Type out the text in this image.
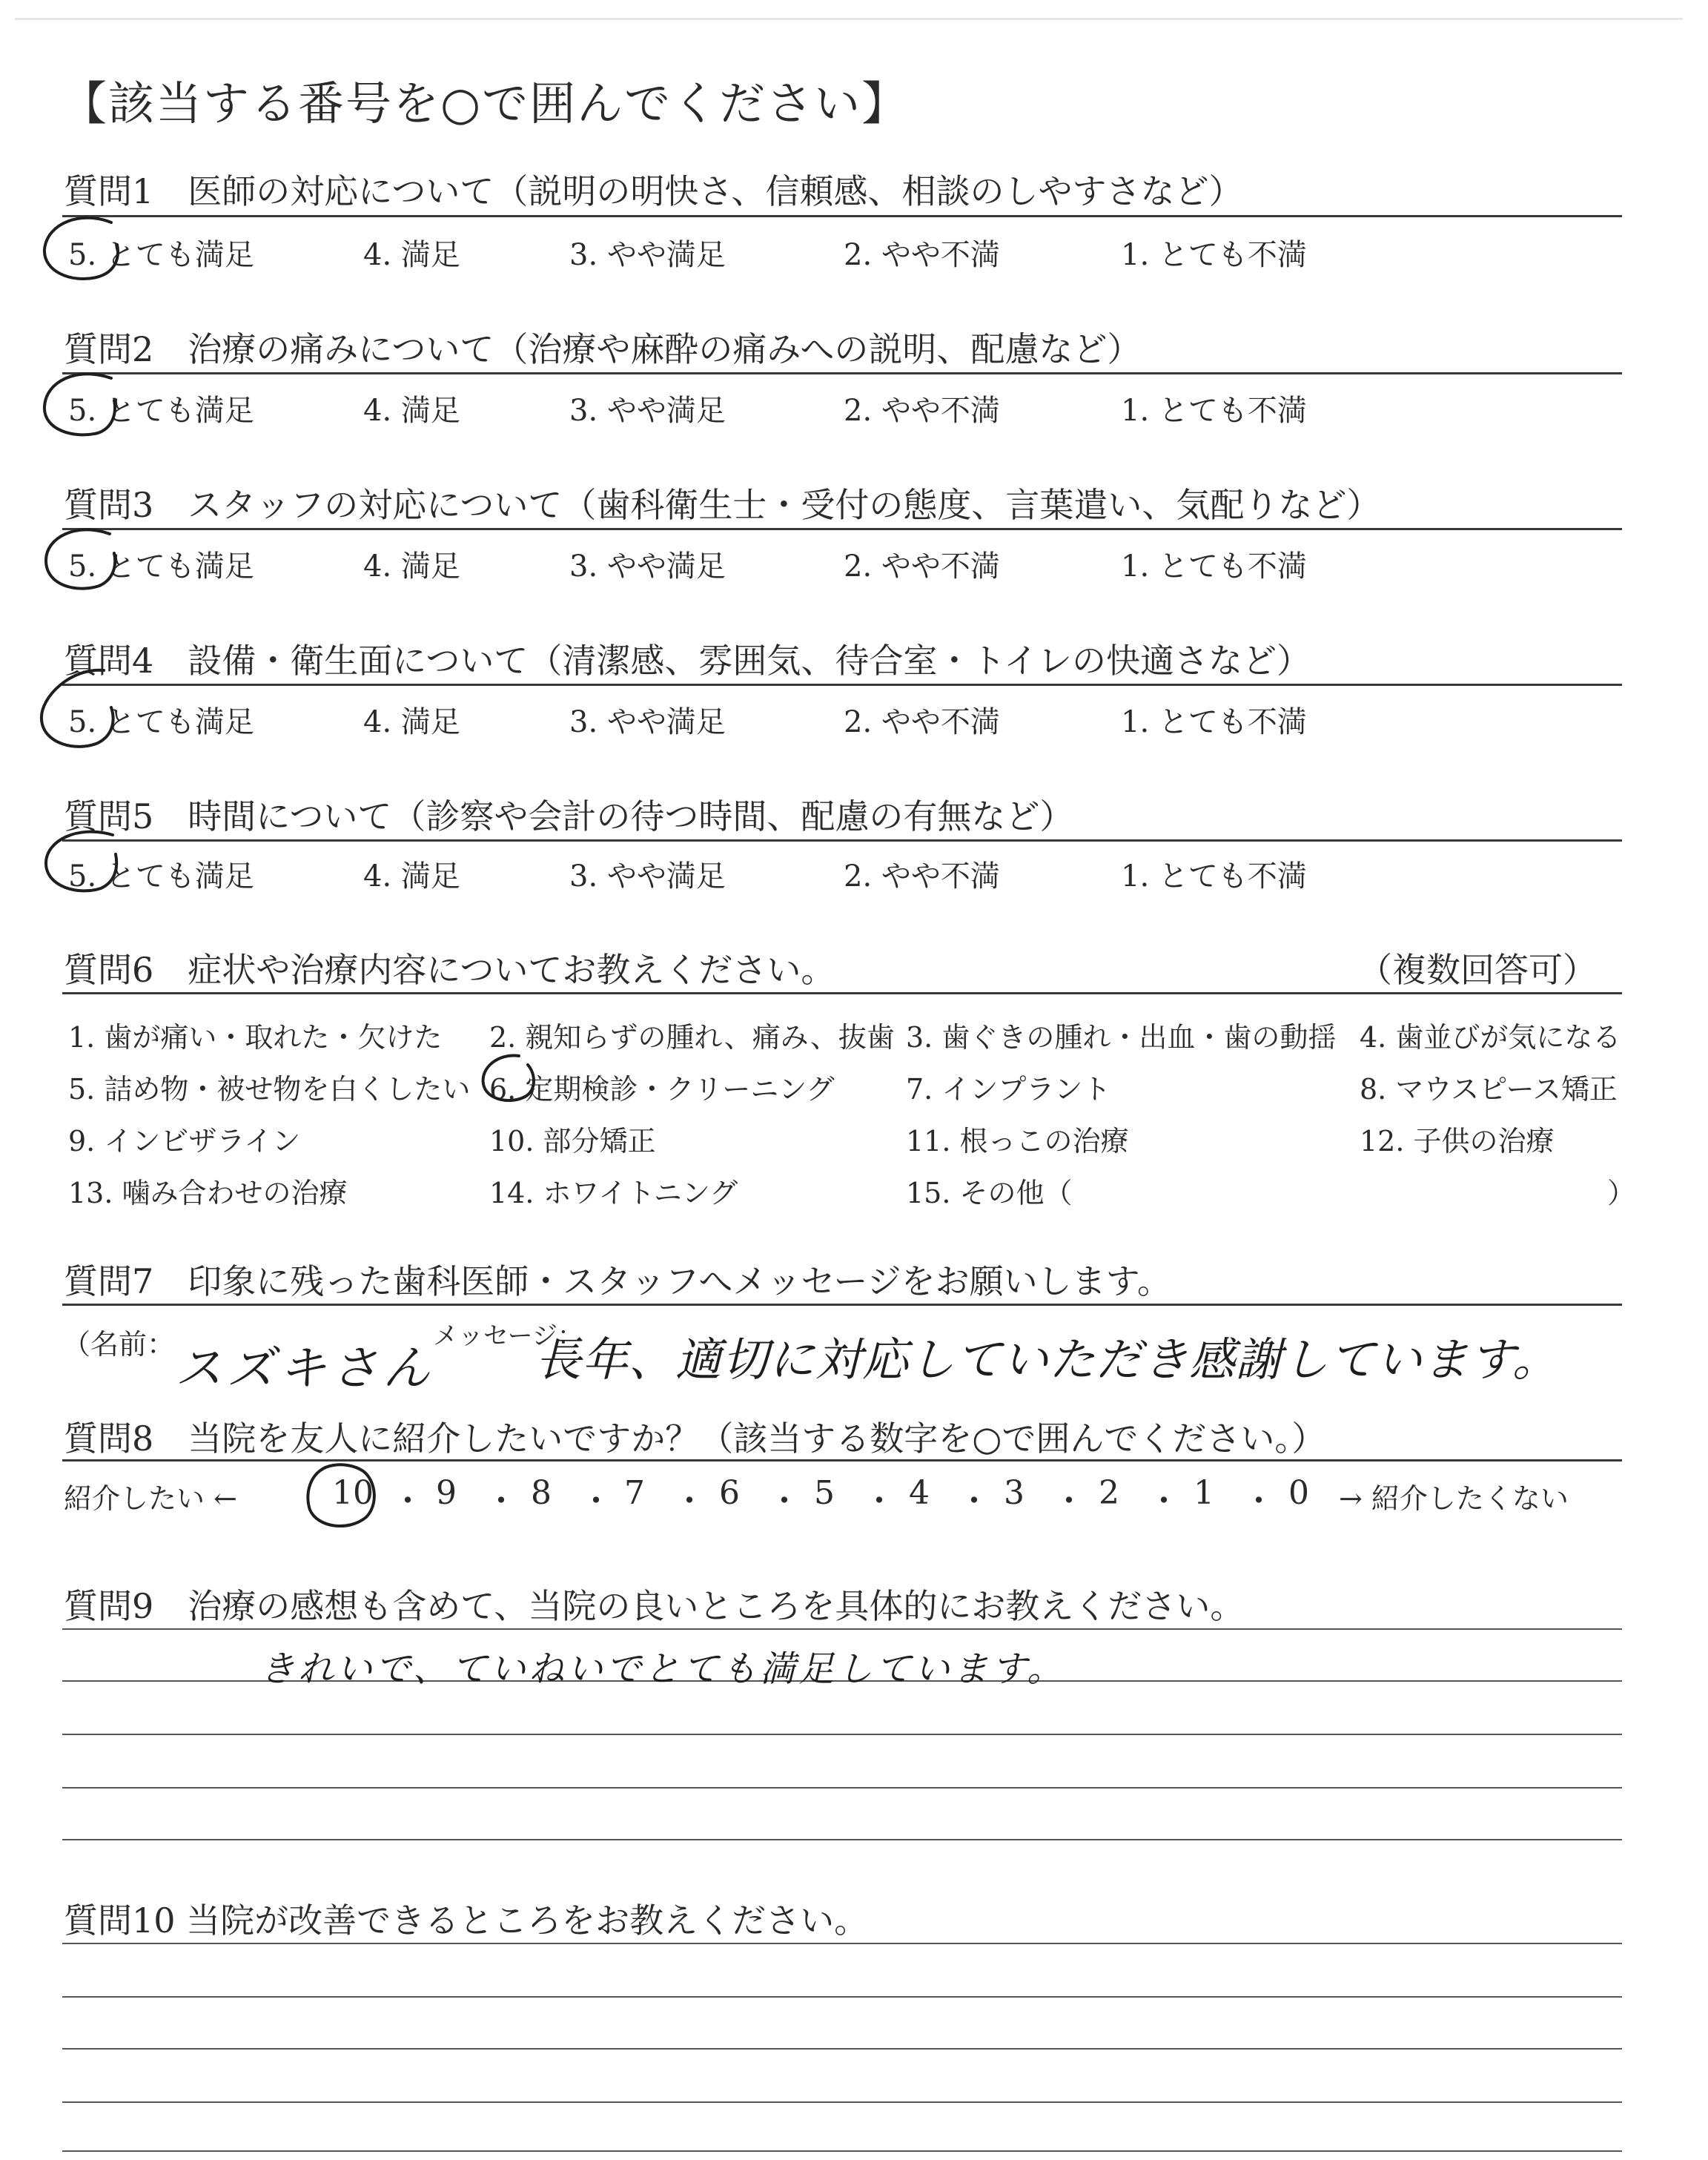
【該当する番号を○で囲んでください】
質問1　医師の対応について（説明の明快さ、信頼感、相談のしやすさなど）
5. とても満足	4. 満足	3. やや満足	2. やや不満	1. とても不満
質問2　治療の痛みについて（治療や麻酔の痛みへの説明、配慮など）
5. とても満足	4. 満足	3. やや満足	2. やや不満	1. とても不満
質問3　スタッフの対応について（歯科衛生士・受付の態度、言葉遣い、気配りなど）
5. とても満足	4. 満足	3. やや満足	2. やや不満	1. とても不満
質問4　設備・衛生面について（清潔感、雰囲気、待合室・トイレの快適さなど）
5. とても満足	4. 満足	3. やや満足	2. やや不満	1. とても不満
質問5　時間について（診察や会計の待つ時間、配慮の有無など）
5. とても満足	4. 満足	3. やや満足	2. やや不満	1. とても不満
質問6　症状や治療内容についてお教えください。	（複数回答可）
1. 歯が痛い・取れた・欠けた 2. 親知らずの腫れ、痛み、抜歯 3. 歯ぐきの腫れ・出血・歯の動揺 4. 歯並びが気になる
5. 詰め物・被せ物を白くしたい 6. 定期検診・クリーニング	7. インプラント	8. マウスピース矯正
9. インビザライン	10. 部分矯正	11. 根っこの治療	12. 子供の治療
13. 噛み合わせの治療	14. ホワイトニング	15. その他（	）
質問7　印象に残った歯科医師・スタッフへメッセージをお願いします。
（名前： スズキさん
メッセージ：
長年、適切に対応していただき感謝しています。
質問8　当院を友人に紹介したいですか？（該当する数字を○で囲んでください。）
紹介したい ←	10 ・ 9 ・ 8 ・ 7 ・ 6 ・ 5 ・ 4 ・ 3 ・ 2 ・ 1 ・ 0 → 紹介したくない
質問9　治療の感想も含めて、当院の良いところを具体的にお教えください。
きれいで、ていねいでとても満足しています。
質問10 当院が改善できるところをお教えください。
